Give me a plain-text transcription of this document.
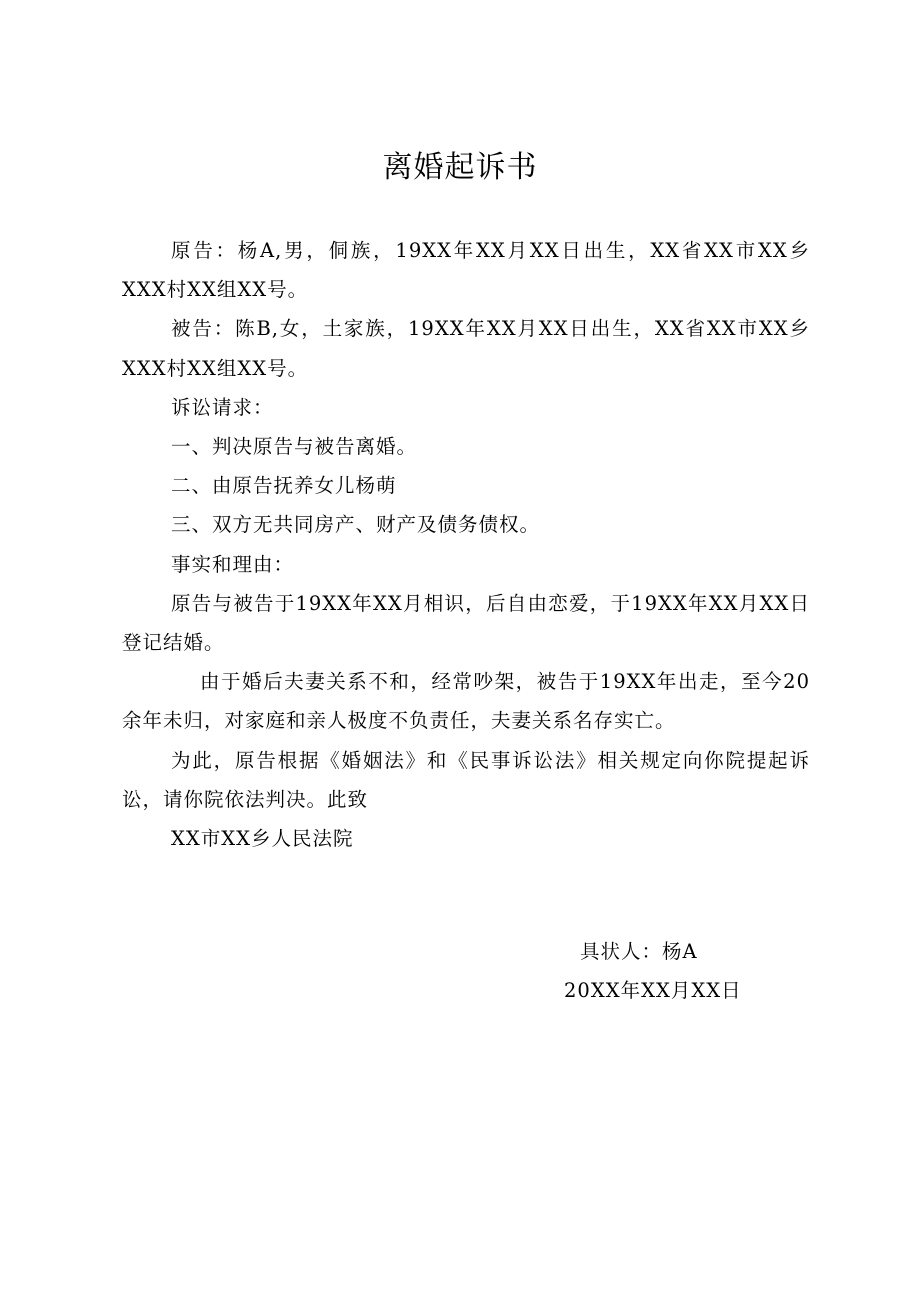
离婚起诉书

原告：杨A,男，侗族，19XX年XX月XX日出生，XX省XX市XX乡XXX村XX组XX号。

被告：陈B,女，土家族，19XX年XX月XX日出生，XX省XX市XX乡XXX村XX组XX号。

诉讼请求：

一、判决原告与被告离婚。

二、由原告抚养女儿杨萌

三、双方无共同房产、财产及债务债权。

事实和理由：

原告与被告于19XX年XX月相识，后自由恋爱，于19XX年XX月XX日登记结婚。

由于婚后夫妻关系不和，经常吵架，被告于19XX年出走，至今20余年未归，对家庭和亲人极度不负责任，夫妻关系名存实亡。

为此，原告根据《婚姻法》和《民事诉讼法》相关规定向你院提起诉讼，请你院依法判决。此致

XX市XX乡人民法院

具状人：杨A
20XX年XX月XX日
